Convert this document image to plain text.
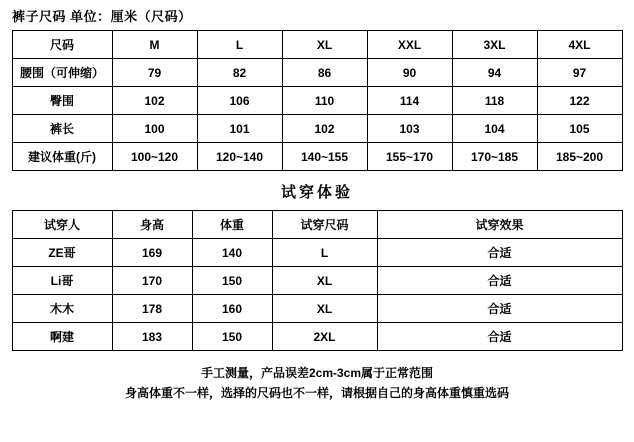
裤子尺码 单位：厘米（尺码）
尺码	M	L	XL	XXL	3XL	4XL
腰围（可伸缩）	79	82	86	90	94	97
臀围	102	106	110	114	118	122
裤长	100	101	102	103	104	105
建议体重(斤)	100~120	120~140	140~155	155~170	170~185	185~200
试穿体验
试穿人	身高	体重	试穿尺码	试穿效果
ZE哥	169	140	L	合适
Li哥	170	150	XL	合适
木木	178	160	XL	合适
啊建	183	150	2XL	合适
手工测量，产品误差2cm-3cm属于正常范围
身高体重不一样，选择的尺码也不一样，请根据自己的身高体重慎重选码
